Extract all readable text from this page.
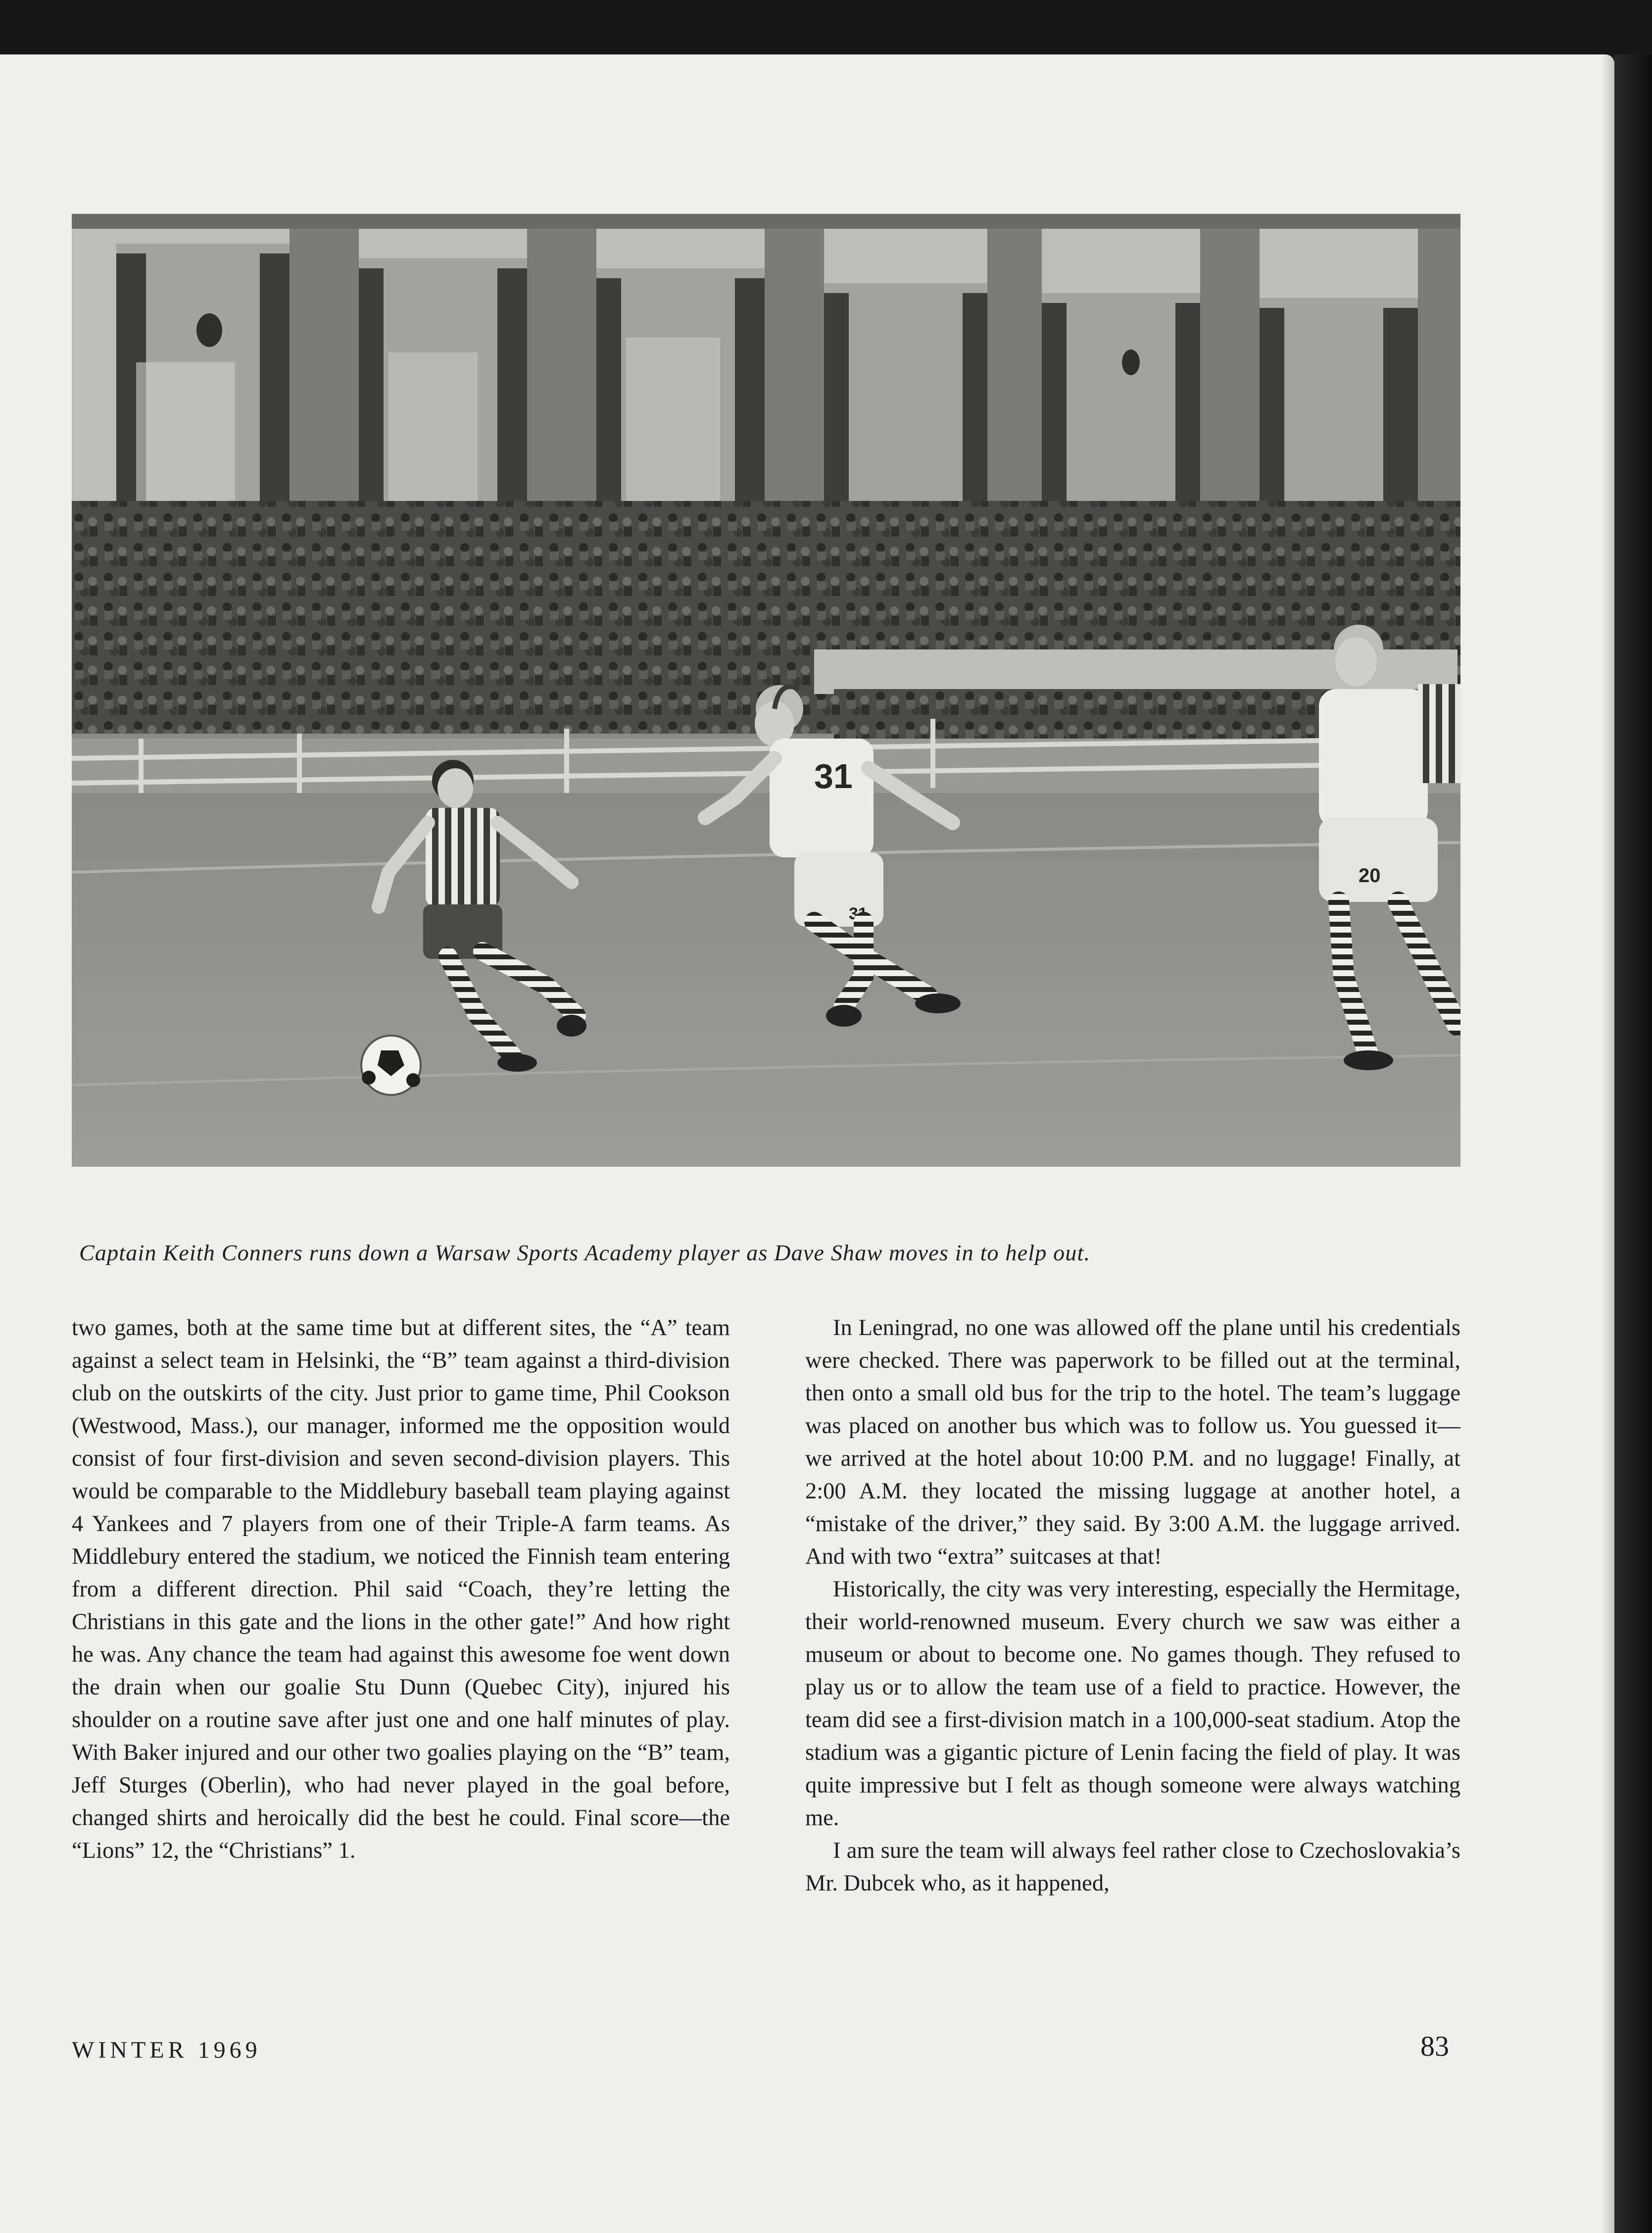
31
31
20
Captain Keith Conners runs down a Warsaw Sports Academy player as Dave Shaw moves in to help out.

two games, both at the same time but at different sites, the “A” team against a select team in Helsinki, the “B” team against a third-division club on the outskirts of the city. Just prior to game time, Phil Cookson (Westwood, Mass.), our manager, informed me the opposition would consist of four first-division and seven second-division players. This would be comparable to the Middlebury baseball team playing against 4 Yankees and 7 players from one of their Triple-A farm teams. As Middlebury entered the stadium, we noticed the Finnish team entering from a different direction. Phil said “Coach, they’re letting the Christians in this gate and the lions in the other gate!” And how right he was. Any chance the team had against this awesome foe went down the drain when our goalie Stu Dunn (Quebec City), injured his shoulder on a routine save after just one and one half minutes of play. With Baker injured and our other two goalies playing on the “B” team, Jeff Sturges (Oberlin), who had never played in the goal before, changed shirts and heroically did the best he could. Final score—the “Lions” 12, the “Christians” 1.

In Leningrad, no one was allowed off the plane until his credentials were checked. There was paperwork to be filled out at the terminal, then onto a small old bus for the trip to the hotel. The team’s luggage was placed on another bus which was to follow us. You guessed it—we arrived at the hotel about 10:00 P.M. and no luggage! Finally, at 2:00 A.M. they located the missing luggage at another hotel, a “mistake of the driver,” they said. By 3:00 A.M. the luggage arrived. And with two “extra” suitcases at that!

Historically, the city was very interesting, especially the Hermitage, their world-renowned museum. Every church we saw was either a museum or about to become one. No games though. They refused to play us or to allow the team use of a field to practice. However, the team did see a first-division match in a 100,000-seat stadium. Atop the stadium was a gigantic picture of Lenin facing the field of play. It was quite impressive but I felt as though someone were always watching me.

I am sure the team will always feel rather close to Czechoslovakia’s Mr. Dubcek who, as it happened,

WINTER 1969	83
